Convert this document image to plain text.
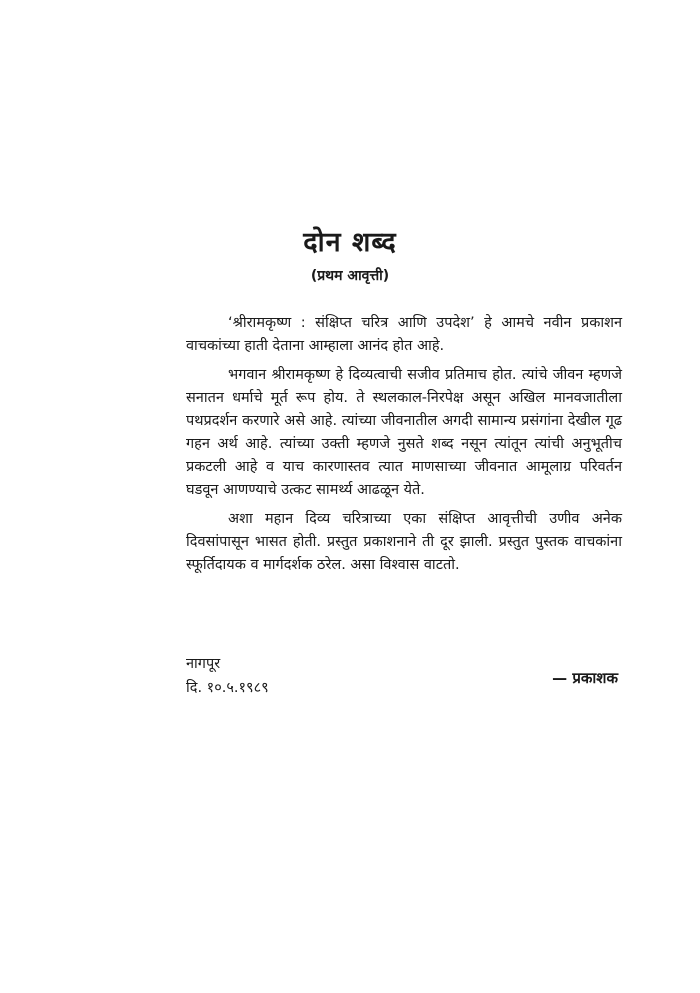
दोन शब्द
(प्रथम आवृत्ती)

‘श्रीरामकृष्ण : संक्षिप्त चरित्र आणि उपदेश’ हे आमचे नवीन प्रकाशन वाचकांच्या हाती देताना आम्हाला आनंद होत आहे.

भगवान श्रीरामकृष्ण हे दिव्यत्वाची सजीव प्रतिमाच होत. त्यांचे जीवन म्हणजे सनातन धर्माचे मूर्त रूप होय. ते स्थलकाल-निरपेक्ष असून अखिल मानवजातीला पथप्रदर्शन करणारे असे आहे. त्यांच्या जीवनातील अगदी सामान्य प्रसंगांना देखील गूढ गहन अर्थ आहे. त्यांच्या उक्ती म्हणजे नुसते शब्द नसून त्यांतून त्यांची अनुभूतीच प्रकटली आहे व याच कारणास्तव त्यात माणसाच्या जीवनात आमूलाग्र परिवर्तन घडवून आणण्याचे उत्कट सामर्थ्य आढळून येते.

अशा महान दिव्य चरित्राच्या एका संक्षिप्त आवृत्तीची उणीव अनेक दिवसांपासून भासत होती. प्रस्तुत प्रकाशनाने ती दूर झाली. प्रस्तुत पुस्तक वाचकांना स्फूर्तिदायक व मार्गदर्शक ठरेल. असा विश्वास वाटतो.

नागपूर
दि. १०.५.१९८९
— प्रकाशक
